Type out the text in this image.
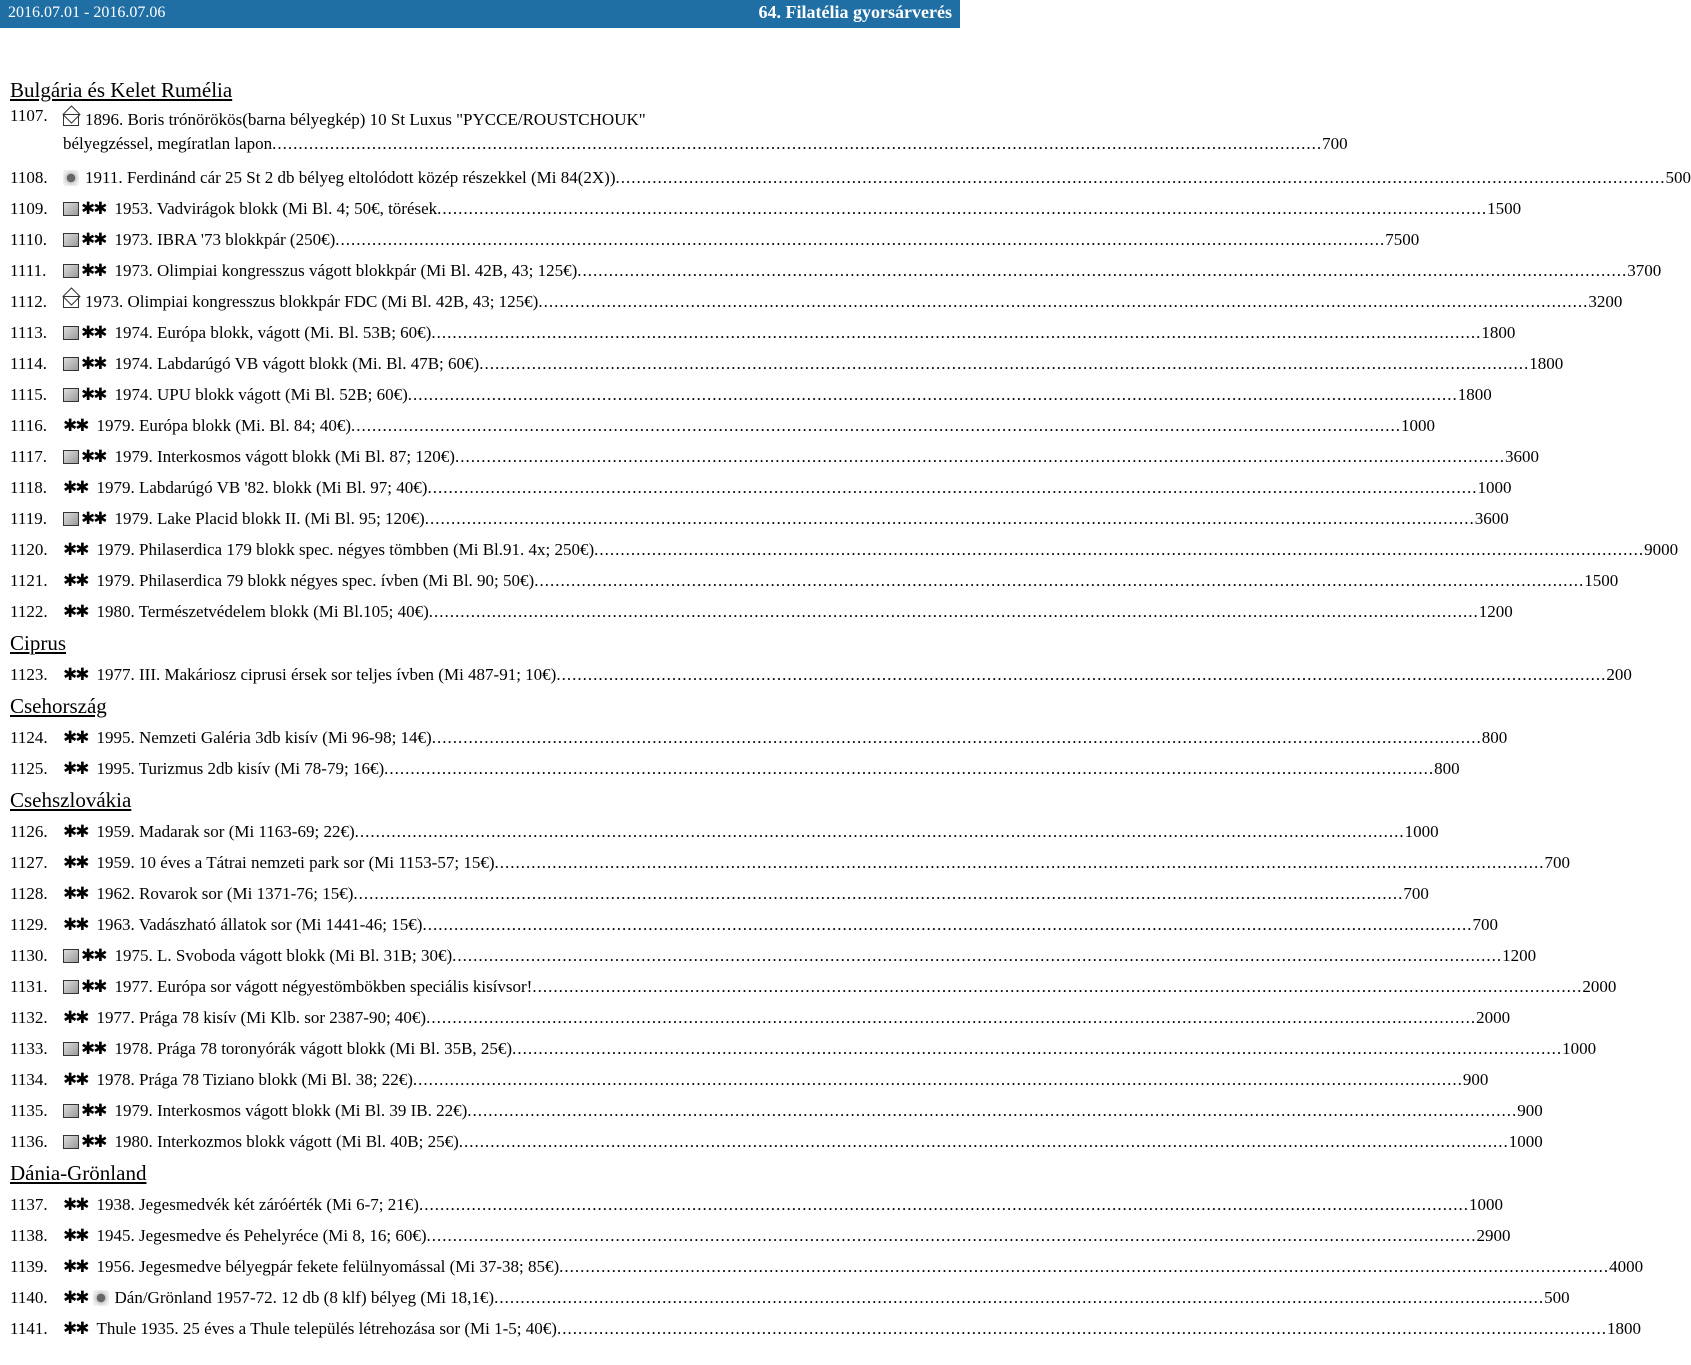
2016.07.01 - 2016.07.06	64. Filatélia gyorsárverés
Bulgária és Kelet Rumélia
1107.	1896. Boris trónörökös(barna bélyegkép) 10 St Luxus "PYCCE/ROUSTCHOUK"
bélyegzéssel, megíratlan lapon ........................................................................................................................................................................................................ 700
1108.	1911. Ferdinánd cár 25 St 2 db bélyeg eltolódott közép részekkel (Mi 84(2X)) ........................................................................................................................................................................................................ 500
1109.	✱✱ 1953. Vadvirágok blokk (Mi Bl. 4; 50€, törések ........................................................................................................................................................................................................ 1500
1110.	✱✱ 1973. IBRA '73 blokkpár (250€) ........................................................................................................................................................................................................ 7500
1111.	✱✱ 1973. Olimpiai kongresszus vágott blokkpár (Mi Bl. 42B, 43; 125€) ........................................................................................................................................................................................................ 3700
1112.	1973. Olimpiai kongresszus blokkpár FDC (Mi Bl. 42B, 43; 125€) ........................................................................................................................................................................................................ 3200
1113.	✱✱ 1974. Európa blokk, vágott (Mi. Bl. 53B; 60€) ........................................................................................................................................................................................................ 1800
1114.	✱✱ 1974. Labdarúgó VB vágott blokk (Mi. Bl. 47B; 60€) ........................................................................................................................................................................................................ 1800
1115.	✱✱ 1974. UPU blokk vágott (Mi Bl. 52B; 60€) ........................................................................................................................................................................................................ 1800
1116. ✱✱ 1979. Európa blokk (Mi. Bl. 84; 40€) ........................................................................................................................................................................................................ 1000
1117.	✱✱ 1979. Interkosmos vágott blokk (Mi Bl. 87; 120€) ........................................................................................................................................................................................................ 3600
1118. ✱✱ 1979. Labdarúgó VB '82. blokk (Mi Bl. 97; 40€) ........................................................................................................................................................................................................ 1000
1119.	✱✱ 1979. Lake Placid blokk II. (Mi Bl. 95; 120€) ........................................................................................................................................................................................................ 3600
1120. ✱✱ 1979. Philaserdica 179 blokk spec. négyes tömbben (Mi Bl.91. 4x; 250€) ........................................................................................................................................................................................................ 9000
1121. ✱✱ 1979. Philaserdica 79 blokk négyes spec. ívben (Mi Bl. 90; 50€) ........................................................................................................................................................................................................ 1500
1122. ✱✱ 1980. Természetvédelem blokk (Mi Bl.105; 40€) ........................................................................................................................................................................................................ 1200
Ciprus
1123. ✱✱ 1977. III. Makáriosz ciprusi érsek sor teljes ívben (Mi 487-91; 10€) ........................................................................................................................................................................................................ 200
Csehország
1124. ✱✱ 1995. Nemzeti Galéria 3db kisív (Mi 96-98; 14€) ........................................................................................................................................................................................................ 800
1125. ✱✱ 1995. Turizmus 2db kisív (Mi 78-79; 16€) ........................................................................................................................................................................................................ 800
Csehszlovákia
1126. ✱✱ 1959. Madarak sor (Mi 1163-69; 22€) ........................................................................................................................................................................................................ 1000
1127. ✱✱ 1959. 10 éves a Tátrai nemzeti park sor (Mi 1153-57; 15€) ........................................................................................................................................................................................................ 700
1128. ✱✱ 1962. Rovarok sor (Mi 1371-76; 15€) ........................................................................................................................................................................................................ 700
1129. ✱✱ 1963. Vadászható állatok sor (Mi 1441-46; 15€) ........................................................................................................................................................................................................ 700
1130.	✱✱ 1975. L. Svoboda vágott blokk (Mi Bl. 31B; 30€) ........................................................................................................................................................................................................ 1200
1131.	✱✱ 1977. Európa sor vágott négyestömbökben speciális kisívsor! ........................................................................................................................................................................................................ 2000
1132. ✱✱ 1977. Prága 78 kisív (Mi Klb. sor 2387-90; 40€) ........................................................................................................................................................................................................ 2000
1133.	✱✱ 1978. Prága 78 toronyórák vágott blokk (Mi Bl. 35B, 25€) ........................................................................................................................................................................................................ 1000
1134. ✱✱ 1978. Prága 78 Tiziano blokk (Mi Bl. 38; 22€) ........................................................................................................................................................................................................ 900
1135.	✱✱ 1979. Interkosmos vágott blokk (Mi Bl. 39 IB. 22€) ........................................................................................................................................................................................................ 900
1136.	✱✱ 1980. Interkozmos blokk vágott (Mi Bl. 40B; 25€) ........................................................................................................................................................................................................ 1000
Dánia-Grönland
1137. ✱✱ 1938. Jegesmedvék két záróérték (Mi 6-7; 21€) ........................................................................................................................................................................................................ 1000
1138. ✱✱ 1945. Jegesmedve és Pehelyréce (Mi 8, 16; 60€) ........................................................................................................................................................................................................ 2900
1139. ✱✱ 1956. Jegesmedve bélyegpár fekete felülnyomással (Mi 37-38; 85€) ........................................................................................................................................................................................................ 4000
1140. ✱✱ Dán/Grönland 1957-72. 12 db (8 klf) bélyeg (Mi 18,1€) ........................................................................................................................................................................................................ 500
1141. ✱✱ Thule 1935. 25 éves a Thule település létrehozása sor (Mi 1-5; 40€) ........................................................................................................................................................................................................ 1800
